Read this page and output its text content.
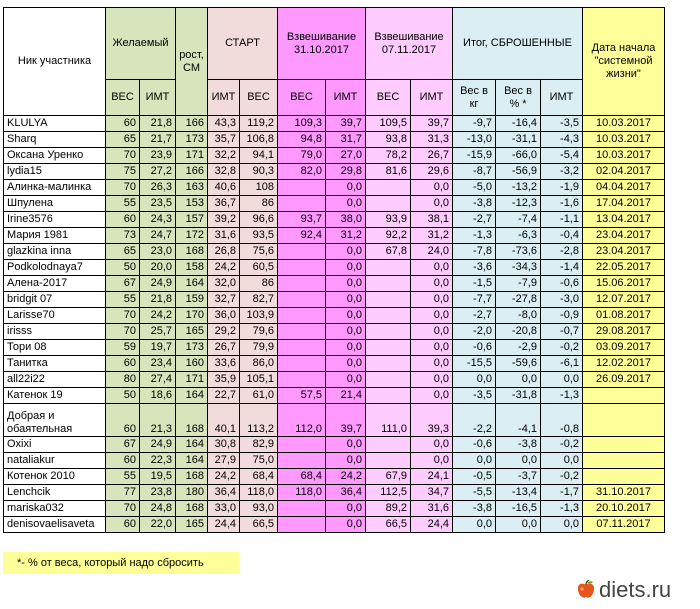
Ник участника	Желаемый		рост, СМ	СТАРТ		Взвешивание 31.10.2017		Взвешивание 07.11.2017		Итог, СБРОШЕННЫЕ			Дата начала "системной жизни"
	ВЕС	ИМТ		ИМТ	ВЕС	ВЕС	ИМТ	ВЕС	ИМТ	Вес в кг	Вес в % *	ИМТ	
KLULYA	60	21,8	166	43,3	119,2	109,3	39,7	109,5	39,7	-9,7	-16,4	-3,5	10.03.2017
Sharq	65	21,7	173	35,7	106,8	94,8	31,7	93,8	31,3	-13,0	-31,1	-4,3	10.03.2017
Оксана Уренко	70	23,9	171	32,2	94,1	79,0	27,0	78,2	26,7	-15,9	-66,0	-5,4	10.03.2017
lydia15	75	27,2	166	32,8	90,3	82,0	29,8	81,6	29,6	-8,7	-56,9	-3,2	02.04.2017
Алинка-малинка	70	26,3	163	40,6	108		0,0		0,0	-5,0	-13,2	-1,9	04.04.2017
Шпулена	55	23,5	153	36,7	86		0,0		0,0	-3,8	-12,3	-1,6	17.04.2017
Irine3576	60	24,3	157	39,2	96,6	93,7	38,0	93,9	38,1	-2,7	-7,4	-1,1	13.04.2017
Мария 1981	73	24,7	172	31,6	93,5	92,4	31,2	92,2	31,2	-1,3	-6,3	-0,4	23.04.2017
glazkina inna	65	23,0	168	26,8	75,6		0,0	67,8	24,0	-7,8	-73,6	-2,8	23.04.2017
Podkolodnaya7	50	20,0	158	24,2	60,5		0,0		0,0	-3,6	-34,3	-1,4	22.05.2017
Алена-2017	67	24,9	164	32,0	86		0,0		0,0	-1,5	-7,9	-0,6	15.06.2017
bridgit 07	55	21,8	159	32,7	82,7		0,0		0,0	-7,7	-27,8	-3,0	12.07.2017
Larisse70	70	24,2	170	36,0	103,9		0,0		0,0	-2,7	-8,0	-0,9	01.08.2017
irisss	70	25,7	165	29,2	79,6		0,0		0,0	-2,0	-20,8	-0,7	29.08.2017
Тори 08	59	19,7	173	26,7	79,9		0,0		0,0	-0,6	-2,9	-0,2	03.09.2017
Танитка	60	23,4	160	33,6	86,0		0,0		0,0	-15,5	-59,6	-6,1	12.02.2017
all22i22	80	27,4	171	35,9	105,1		0,0		0,0	0,0	0,0	0,0	26.09.2017
Катенок 19	50	18,6	164	22,7	61,0	57,5	21,4		0,0	-3,5	-31,8	-1,3	
Добрая и обаятельная	60	21,3	168	40,1	113,2	112,0	39,7	111,0	39,3	-2,2	-4,1	-0,8	
Oxixi	67	24,9	164	30,8	82,9		0,0		0,0	-0,6	-3,8	-0,2	
nataliakur	60	22,3	164	27,9	75,0		0,0		0,0	0,0	0,0	0,0	
Котенок 2010	55	19,5	168	24,2	68,4	68,4	24,2	67,9	24,1	-0,5	-3,7	-0,2	
Lenchcik	77	23,8	180	36,4	118,0	118,0	36,4	112,5	34,7	-5,5	-13,4	-1,7	31.10.2017
mariska032	70	24,8	168	33,0	93,0		0,0	89,2	31,6	-3,8	-16,5	-1,3	20.10.2017
denisovaelisaveta	60	22,0	165	24,4	66,5		0,0	66,5	24,4	0,0	0,0	0,0	07.11.2017
*- % от веса, который надо сбросить
diets.ru
